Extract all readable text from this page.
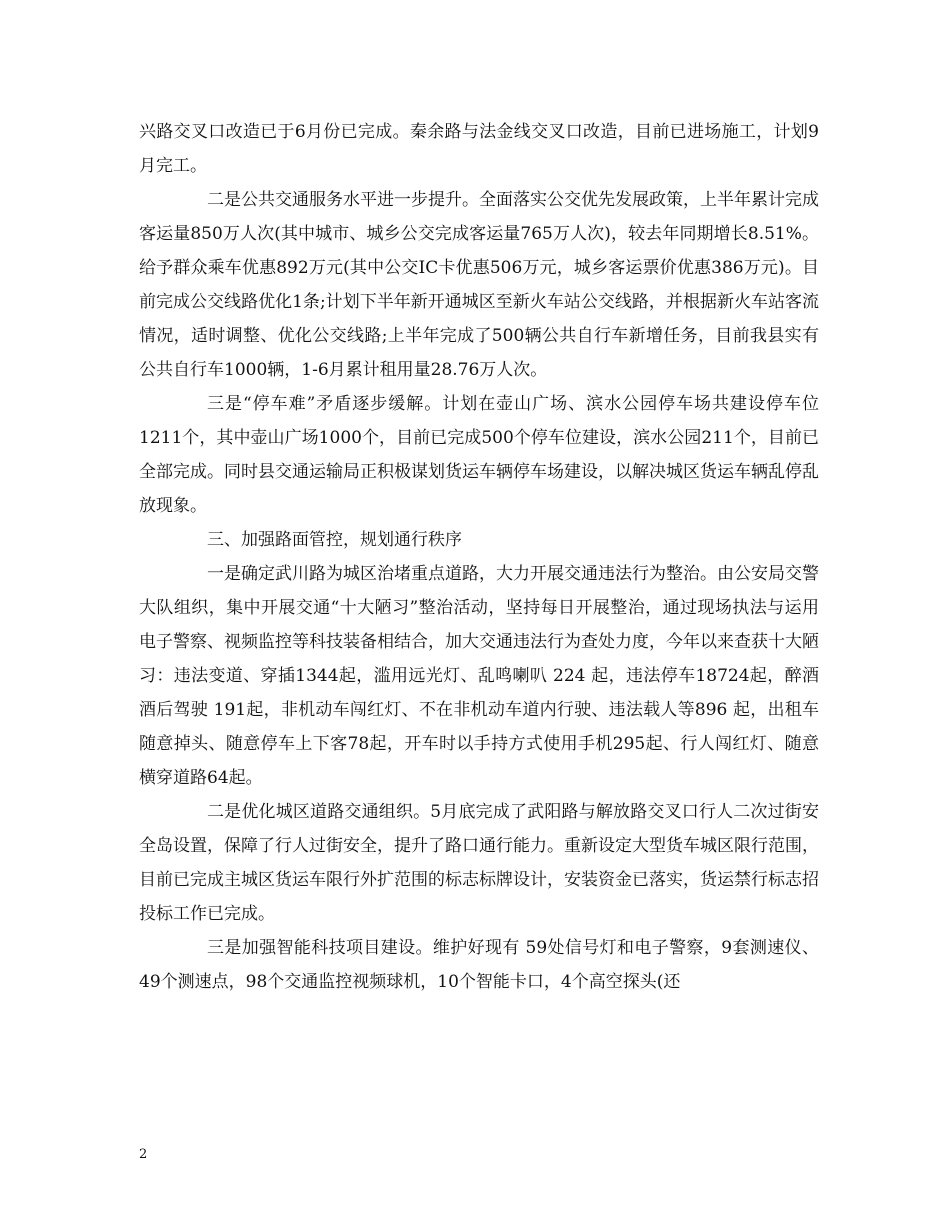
兴路交叉口改造已于6月份已完成。秦余路与法金线交叉口改造，目前已进场施工，计划9月完工。

二是公共交通服务水平进一步提升。全面落实公交优先发展政策，上半年累计完成客运量850万人次(其中城市、城乡公交完成客运量765万人次)，较去年同期增长8.51%。给予群众乘车优惠892万元(其中公交IC卡优惠506万元，城乡客运票价优惠386万元)。目前完成公交线路优化1条;计划下半年新开通城区至新火车站公交线路，并根据新火车站客流情况，适时调整、优化公交线路;上半年完成了500辆公共自行车新增任务，目前我县实有公共自行车1000辆，1-6月累计租用量28.76万人次。

三是“停车难”矛盾逐步缓解。计划在壶山广场、滨水公园停车场共建设停车位1211个，其中壶山广场1000个，目前已完成500个停车位建设，滨水公园211个，目前已全部完成。同时县交通运输局正积极谋划货运车辆停车场建设，以解决城区货运车辆乱停乱放现象。

三、加强路面管控，规划通行秩序

一是确定武川路为城区治堵重点道路，大力开展交通违法行为整治。由公安局交警大队组织，集中开展交通“十大陋习”整治活动，坚持每日开展整治，通过现场执法与运用电子警察、视频监控等科技装备相结合，加大交通违法行为查处力度，今年以来查获十大陋习：违法变道、穿插1344起，滥用远光灯、乱鸣喇叭 224 起，违法停车18724起，醉酒酒后驾驶 191起，非机动车闯红灯、不在非机动车道内行驶、违法载人等896 起，出租车随意掉头、随意停车上下客78起，开车时以手持方式使用手机295起、行人闯红灯、随意横穿道路64起。

二是优化城区道路交通组织。5月底完成了武阳路与解放路交叉口行人二次过街安全岛设置，保障了行人过街安全，提升了路口通行能力。重新设定大型货车城区限行范围，目前已完成主城区货运车限行外扩范围的标志标牌设计，安装资金已落实，货运禁行标志招投标工作已完成。

三是加强智能科技项目建设。维护好现有 59处信号灯和电子警察，9套测速仪、49个测速点，98个交通监控视频球机，10个智能卡口，4个高空探头(还

2
